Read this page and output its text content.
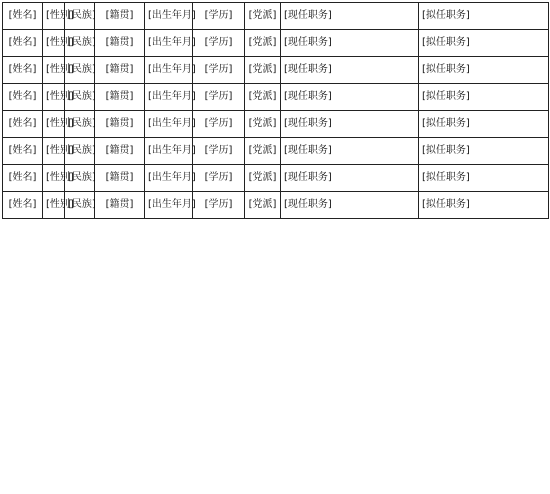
[姓名]	[性别]	[民族]	[籍贯]	[出生年月]	[学历]	[党派]	[现任职务]	[拟任职务]
[姓名]	[性别]	[民族]	[籍贯]	[出生年月]	[学历]	[党派]	[现任职务]	[拟任职务]
[姓名]	[性别]	[民族]	[籍贯]	[出生年月]	[学历]	[党派]	[现任职务]	[拟任职务]
[姓名]	[性别]	[民族]	[籍贯]	[出生年月]	[学历]	[党派]	[现任职务]	[拟任职务]
[姓名]	[性别]	[民族]	[籍贯]	[出生年月]	[学历]	[党派]	[现任职务]	[拟任职务]
[姓名]	[性别]	[民族]	[籍贯]	[出生年月]	[学历]	[党派]	[现任职务]	[拟任职务]
[姓名]	[性别]	[民族]	[籍贯]	[出生年月]	[学历]	[党派]	[现任职务]	[拟任职务]
[姓名]	[性别]	[民族]	[籍贯]	[出生年月]	[学历]	[党派]	[现任职务]	[拟任职务]
